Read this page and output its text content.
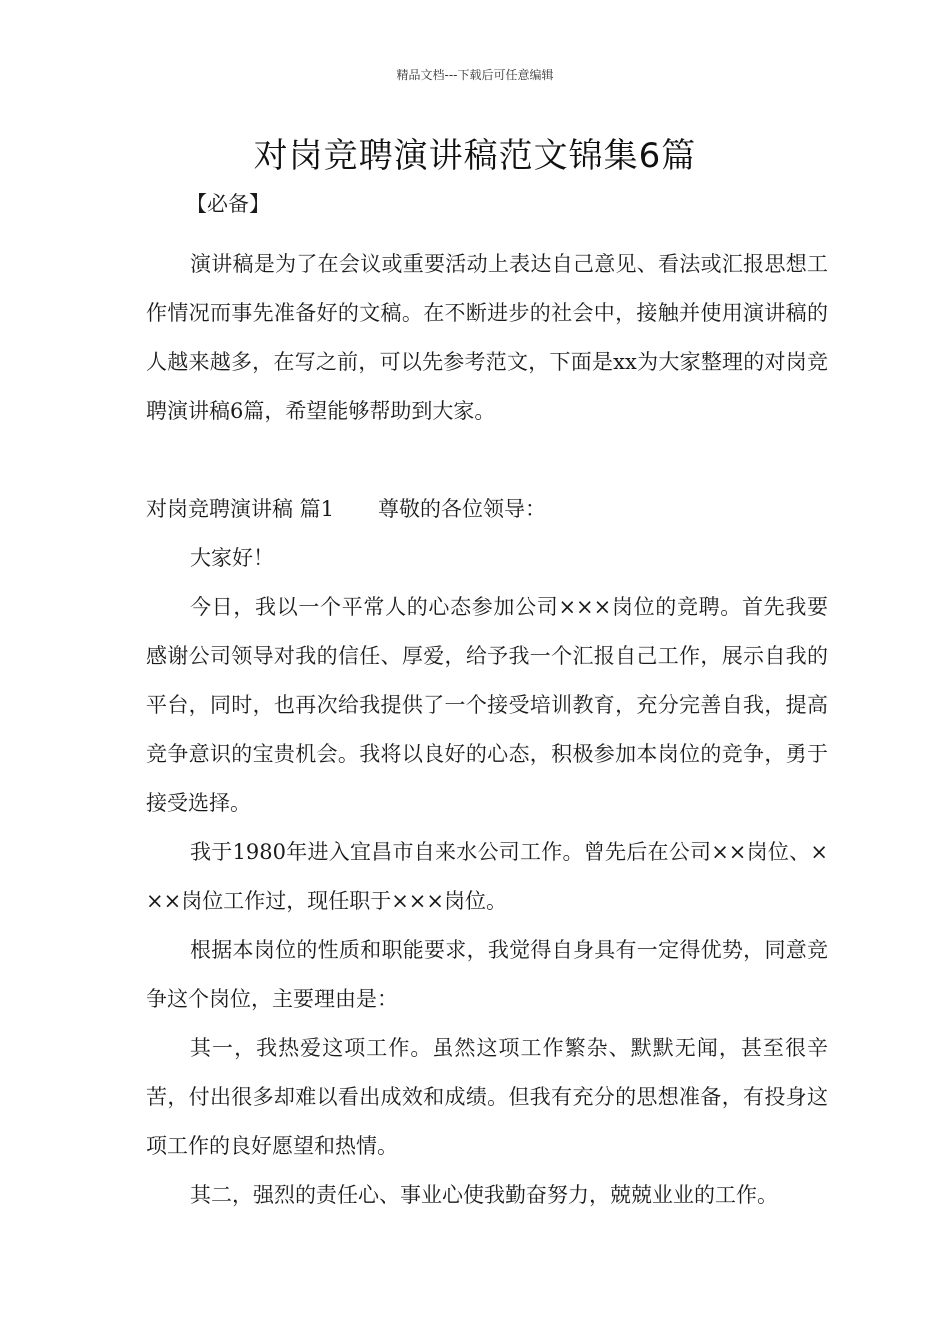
精品文档---下载后可任意编辑
对岗竞聘演讲稿范文锦集6篇

【必备】

演讲稿是为了在会议或重要活动上表达自己意见、看法或汇报思想工作情况而事先准备好的文稿。在不断进步的社会中，接触并使用演讲稿的人越来越多，在写之前，可以先参考范文，下面是xx为大家整理的对岗竞聘演讲稿6篇，希望能够帮助到大家。

对岗竞聘演讲稿 篇1 尊敬的各位领导：

大家好！

今日，我以一个平常人的心态参加公司×××岗位的竞聘。首先我要感谢公司领导对我的信任、厚爱，给予我一个汇报自己工作，展示自我的平台，同时，也再次给我提供了一个接受培训教育，充分完善自我，提高竞争意识的宝贵机会。我将以良好的心态，积极参加本岗位的竞争，勇于接受选择。

我于1980年进入宜昌市自来水公司工作。曾先后在公司××岗位、×××岗位工作过，现任职于×××岗位。

根据本岗位的性质和职能要求，我觉得自身具有一定得优势，同意竞争这个岗位，主要理由是：

其一，我热爱这项工作。虽然这项工作繁杂、默默无闻，甚至很辛苦，付出很多却难以看出成效和成绩。但我有充分的思想准备，有投身这项工作的良好愿望和热情。

其二，强烈的责任心、事业心使我勤奋努力，兢兢业业的工作。
